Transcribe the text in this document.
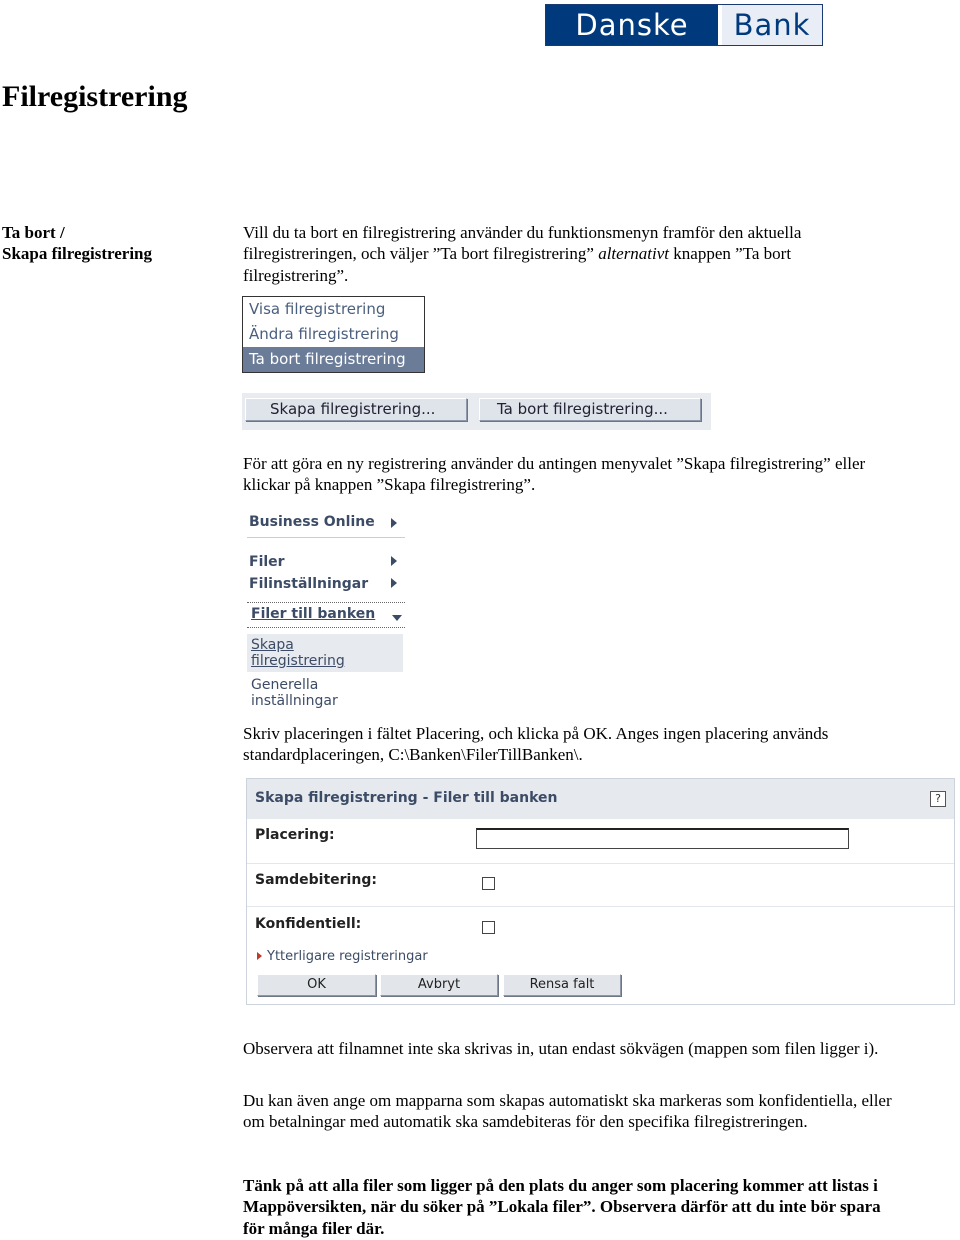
Danske	Bank
Filregistrering
Ta bort /
Skapa filregistrering

Vill du ta bort en filregistrering använder du funktionsmenyn framför den aktuella filregistreringen, och väljer ”Ta bort filregistrering” alternativt knappen ”Ta bort filregistrering”.

Visa filregistrering
Ändra filregistrering
Ta bort filregistrering
Skapa filregistrering...	Ta bort filregistrering...
För att göra en ny registrering använder du antingen menyvalet ”Skapa filregistrering” eller klickar på knappen ”Skapa filregistrering”.
Business Online
Filer
Filinställningar
Filer till banken
Skapa
filregistrering
Generella
inställningar
Skriv placeringen i fältet Placering, och klicka på OK. Anges ingen placering används standardplaceringen, C:\Banken\FilerTillBanken\.
Skapa filregistrering - Filer till banken	?
Placering:
Samdebitering:
Konfidentiell:
Ytterligare registreringar
OK	Avbryt	Rensa falt
Observera att filnamnet inte ska skrivas in, utan endast sökvägen (mappen som filen ligger i).
Du kan även ange om mapparna som skapas automatiskt ska markeras som konfidentiella, eller om betalningar med automatik ska samdebiteras för den specifika filregistreringen.
Tänk på att alla filer som ligger på den plats du anger som placering kommer att listas i Mappöversikten, när du söker på ”Lokala filer”. Observera därför att du inte bör spara för många filer där.
